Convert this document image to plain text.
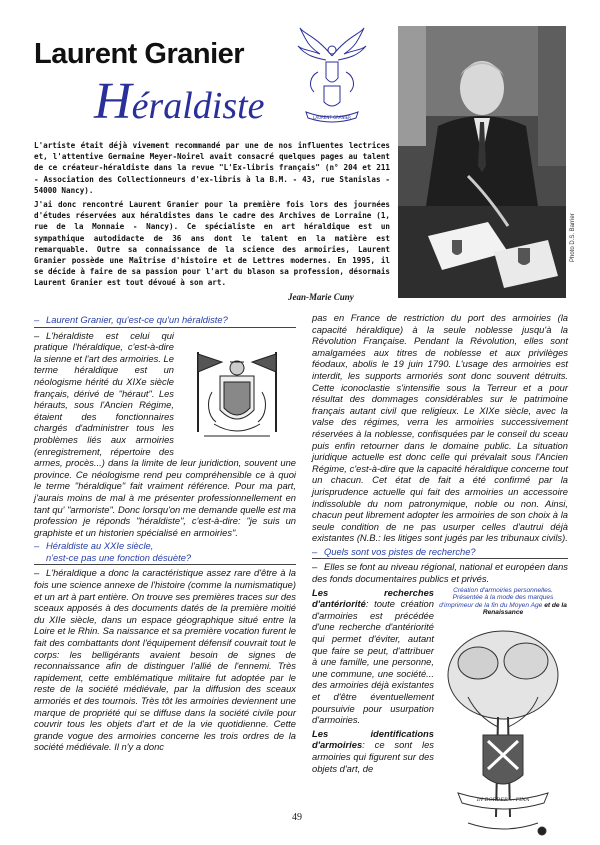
Laurent Granier
Héraldiste	LAURENT GRANIER
Photo D.S. Barrier

L'artiste était déjà vivement recommandé par une de nos influentes lectrices et, l'attentive Germaine Meyer-Noirel avait consacré quelques pages au talent de ce créateur-héraldiste dans la revue "L'Ex-libris français" (n° 204 et 211 - Association des Collectionneurs d'ex-libris à la B.M. - 43, rue Stanislas - 54000 Nancy).

J'ai donc rencontré Laurent Granier pour la première fois lors des journées d'études réservées aux héraldistes dans le cadre des Archives de Lorraine (1, rue de la Monnaie - Nancy). Ce spécialiste en art héraldique est un sympathique autodidacte de 36 ans dont le talent en la matière est remarquable. Outre sa connaissance de la science des armoiries, Laurent Granier possède une Maîtrise d'histoire et de Lettres modernes. En 1995, il se décide à faire de sa passion pour l'art du blason sa profession, désormais Laurent Granier est tout dévoué à son art.

Jean-Marie Cuny
– Laurent Granier, qu'est-ce qu'un héraldiste?
– L'héraldiste est celui qui pratique l'héraldique, c'est-à-dire la sienne et l'art des armoiries. Le terme héraldique est un néologisme hérité du XIXe siècle français, dérivé de "héraut". Les hérauts, sous l'Ancien Régime, étaient des fonctionnaires chargés d'administrer tous les problèmes liés aux armoiries (enregistrement, répertoire des armes, procès...) dans la limite de leur juridiction, souvent une province. Ce néologisme rend peu compréhensible ce à quoi le terme "héraldique" fait vraiment référence. Pour ma part, j'aurais moins de mal à me présenter professionnellement en tant qu' "armoriste". Donc lorsqu'on me demande quelle est ma profession je réponds "héraldiste", c'est-à-dire: "je suis un graphiste et un historien spécialisé en armoiries".
– Héraldiste au XXIe siècle,
n'est-ce pas une fonction désuète?
– L'héraldique a donc la caractéristique assez rare d'être à la fois une science annexe de l'histoire (comme la numismatique) et un art à part entière. On trouve ses premières traces sur des sceaux apposés à des documents datés de la première moitié du XIIe siècle, dans un espace géographique situé entre la Loire et le Rhin. Sa naissance et sa première vocation furent le fait des combattants dont l'équipement défensif couvrait tout le corps: les belligérants avaient besoin de signes de reconnaissance afin de distinguer l'allié de l'ennemi. Très rapidement, cette emblématique militaire fut adoptée par le reste de la société médiévale, par la diffusion des sceaux armoriés et des tournois. Très tôt les armoiries deviennent une marque de propriété qui se diffuse dans la société civile pour couvrir tous les objets d'art et de la vie quotidienne. Cette grande vogue des armoiries concerne les trois ordres de la société médiévale. Il n'y a donc
pas en France de restriction du port des armoiries (la capacité héraldique) à la seule noblesse jusqu'à la Révolution Française. Pendant la Révolution, elles sont amalgamées aux titres de noblesse et aux privilèges féodaux, abolis le 19 juin 1790. L'usage des armoiries est interdit, les supports armoriés sont donc souvent détruits. Cette iconoclastie s'intensifie sous la Terreur et a pour résultat des dommages considérables sur le patrimoine français autant civil que religieux. Le XIXe siècle, avec la valse des régimes, verra les armoiries successivement réservées à la noblesse, confisquées par le conseil du sceau puis enfin retourner dans le domaine public. La situation juridique actuelle est donc celle qui prévalait sous l'Ancien Régime, c'est-à-dire que la capacité héraldique concerne tout un chacun. Cet état de fait a été confirmé par la jurisprudence actuelle qui fait des armoiries un accessoire indissoluble du nom patronymique, noble ou non. Ainsi, chacun peut librement adopter les armoiries de son choix à la seule condition de ne pas usurper celles d'autrui déjà existantes (N.B.: les litiges sont jugés par les tribunaux civils).
– Quels sont vos pistes de recherche?
– Elles se font au niveau régional, national et européen dans des fonds documentaires publics et privés.
Création d'armoiries personnelles. Présentée à la mode des marques d'imprimeur de la fin du Moyen Age et de la Renaissance
IN BORDER ... FINA
Les recherches d'antériorité: toute création d'armoiries est précédée d'une recherche d'antériorité qui permet d'éviter, autant que faire se peut, d'attribuer à une famille, une personne, une commune, une société... des armoiries déjà existantes et d'être éventuellement poursuivie pour usurpation d'armoiries.
Les identifications d'armoiries: ce sont les armoiries qui figurent sur des objets d'art, de
49
